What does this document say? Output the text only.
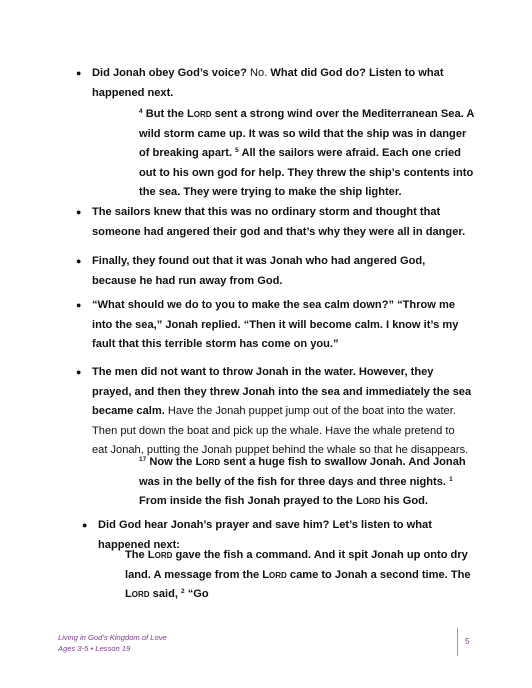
● Did Jonah obey God’s voice? No. What did God do? Listen to what happened next.
$^4$ But the LORD sent a strong wind over the Mediterranean Sea. A wild storm came up. It was so wild that the ship was in danger of breaking apart. $^5$ All the sailors were afraid. Each one cried out to his own god for help. They threw the ship’s contents into the sea. They were trying to make the ship lighter.
● The sailors knew that this was no ordinary storm and thought that someone had angered their god and that’s why they were all in danger.
● Finally, they found out that it was Jonah who had angered God, because he had run away from God.
● “What should we do to you to make the sea calm down?” “Throw me into the sea,” Jonah replied. “Then it will become calm. I know it’s my fault that this terrible storm has come on you.”
● The men did not want to throw Jonah in the water. However, they prayed, and then they threw Jonah into the sea and immediately the sea became calm. Have the Jonah puppet jump out of the boat into the water. Then put down the boat and pick up the whale. Have the whale pretend to eat Jonah, putting the Jonah puppet behind the whale so that he disappears.
$^{17}$ Now the LORD sent a huge fish to swallow Jonah. And Jonah was in the belly of the fish for three days and three nights. $^1$ From inside the fish Jonah prayed to the LORD his God.
● Did God hear Jonah’s prayer and save him? Let’s listen to what happened next:
The LORD gave the fish a command. And it spit Jonah up onto dry land. A message from the LORD came to Jonah a second time. The LORD said, $^2$ “Go
Living in God’s Kingdom of Love
Ages 3-5 • Lesson 19
5
